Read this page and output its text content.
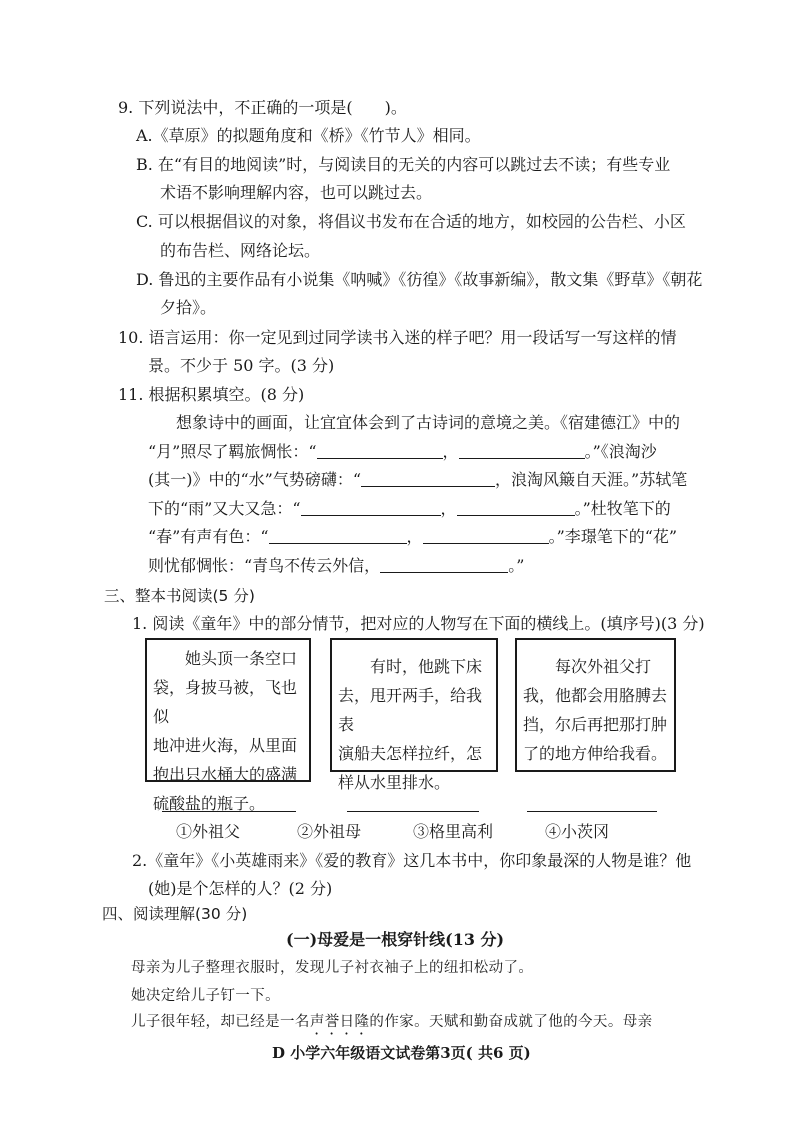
9. 下列说法中，不正确的一项是(　　)。
A.《草原》的拟题角度和《桥》《竹节人》相同。
B. 在“有目的地阅读”时，与阅读目的无关的内容可以跳过去不读；有些专业
术语不影响理解内容，也可以跳过去。
C. 可以根据倡议的对象，将倡议书发布在合适的地方，如校园的公告栏、小区
的布告栏、网络论坛。
D. 鲁迅的主要作品有小说集《呐喊》《彷徨》《故事新编》，散文集《野草》《朝花
夕拾》。
10. 语言运用：你一定见到过同学读书入迷的样子吧？用一段话写一写这样的情
景。不少于 50 字。(3 分)
11. 根据积累填空。(8 分)
想象诗中的画面，让宜宜体会到了古诗词的意境之美。《宿建德江》中的
“月”照尽了羁旅惆怅：“	，	。”《浪淘沙
(其一)》中的“水”气势磅礴：“	，浪淘风簸自天涯。”苏轼笔
下的“雨”又大又急：“	，	。”杜牧笔下的
“春”有声有色：“	，	。”李璟笔下的“花”
则忧郁惆怅：“青鸟不传云外信，	。”
三、整本书阅读(5 分)
1. 阅读《童年》中的部分情节，把对应的人物写在下面的横线上。(填序号)(3 分)

她头顶一条空口

袋，身披马被，飞也似

地冲进火海，从里面

抱出只水桶大的盛满

硫酸盐的瓶子。

有时，他跳下床

去，甩开两手，给我表

演船夫怎样拉纤，怎

样从水里排水。

每次外祖父打

我，他都会用胳膊去

挡，尔后再把那打肿

了的地方伸给我看。

①外祖父	②外祖母	③格里高利	④小茨冈
2.《童年》《小英雄雨来》《爱的教育》这几本书中，你印象最深的人物是谁？他
(她)是个怎样的人？(2 分)
四、阅读理解(30 分)
(一)母爱是一根穿针线(13 分)
母亲为儿子整理衣服时，发现儿子衬衣袖子上的纽扣松动了。
她决定给儿子钉一下。
儿子很年轻，却已经是一名声誉日隆的作家。天赋和勤奋成就了他的今天。母亲
D 小学六年级语文试卷第3页( 共6 页)
